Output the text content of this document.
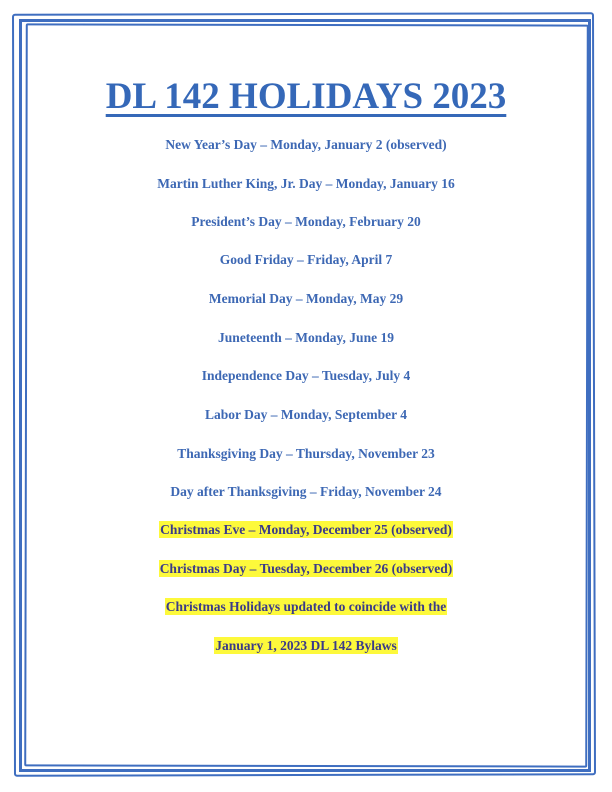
DL 142 HOLIDAYS 2023
New Year’s Day – Monday, January 2 (observed)
Martin Luther King, Jr. Day – Monday, January 16
President’s Day – Monday, February 20
Good Friday – Friday, April 7
Memorial Day – Monday, May 29
Juneteenth – Monday, June 19
Independence Day – Tuesday, July 4
Labor Day – Monday, September 4
Thanksgiving Day – Thursday, November 23
Day after Thanksgiving – Friday, November 24
Christmas Eve – Monday, December 25 (observed)
Christmas Day – Tuesday, December 26 (observed)
Christmas Holidays updated to coincide with the
January 1, 2023 DL 142 Bylaws
